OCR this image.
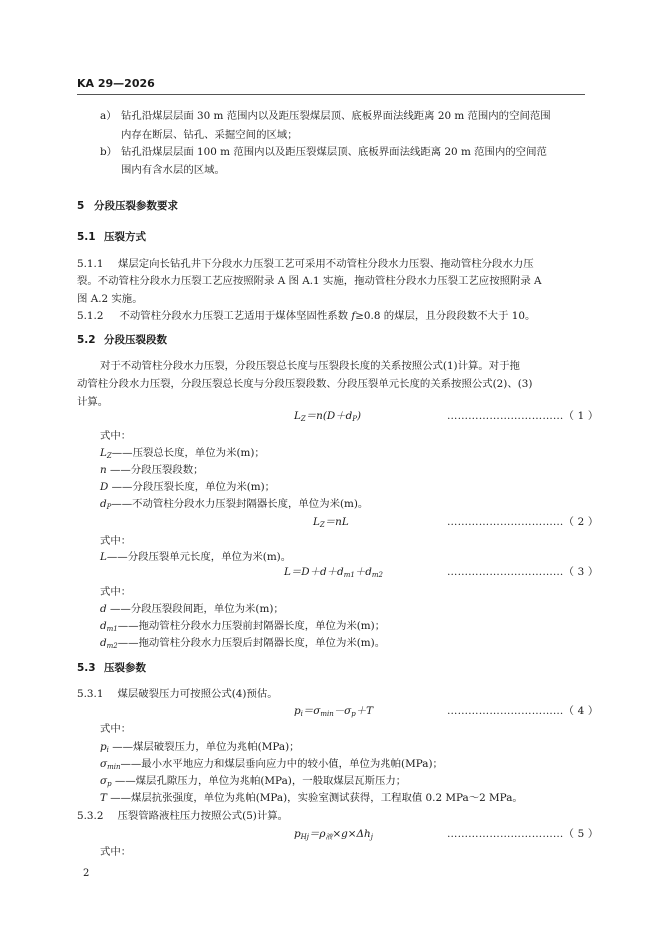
KA 29—2026
a） 钻孔沿煤层层面 30 m 范围内以及距压裂煤层顶、底板界面法线距离 20 m 范围内的空间范围
内存在断层、钻孔、采掘空间的区域；
b） 钻孔沿煤层层面 100 m 范围内以及距压裂煤层顶、底板界面法线距离 20 m 范围内的空间范
围内有含水层的区域。
5 分段压裂参数要求
5.1 压裂方式
5.1.1 煤层定向长钻孔井下分段水力压裂工艺可采用不动管柱分段水力压裂、拖动管柱分段水力压
裂。不动管柱分段水力压裂工艺应按照附录 A 图 A.1 实施，拖动管柱分段水力压裂工艺应按照附录 A
图 A.2 实施。
5.1.2 不动管柱分段水力压裂工艺适用于煤体坚固性系数 f≥0.8 的煤层，且分段段数不大于 10。
5.2 分段压裂段数
对于不动管柱分段水力压裂，分段压裂总长度与压裂段长度的关系按照公式(1)计算。对于拖
动管柱分段水力压裂，分段压裂总长度与分段压裂段数、分段压裂单元长度的关系按照公式(2)、(3)
计算。
$L_Z=n(D+d_P)$	……………………………（ 1 ）
式中：
$L_Z——$压裂总长度，单位为米(m)；
n ——分段压裂段数；
D ——分段压裂长度，单位为米(m)；
$d_P——$不动管柱分段水力压裂封隔器长度，单位为米(m)。
$L_Z=nL$	……………………………（ 2 ）
式中：
L——分段压裂单元长度，单位为米(m)。
$L=D+d+d_{m1}+d_{m2}$	……………………………（ 3 ）
式中：
d ——分段压裂段间距，单位为米(m)；
$d_{m1}——$拖动管柱分段水力压裂前封隔器长度，单位为米(m)；
$d_{m2}——$拖动管柱分段水力压裂后封隔器长度，单位为米(m)。
5.3 压裂参数
5.3.1 煤层破裂压力可按照公式(4)预估。
$p_i=\sigma_{min}-\sigma_p+T$	……………………………（ 4 ）
式中：
$p_i$ ——煤层破裂压力，单位为兆帕(MPa)；
$\sigma_{min}——$最小水平地应力和煤层垂向应力中的较小值，单位为兆帕(MPa)；
$\sigma_p$ ——煤层孔隙压力，单位为兆帕(MPa)，一般取煤层瓦斯压力；
T ——煤层抗张强度，单位为兆帕(MPa)，实验室测试获得，工程取值 0.2 MPa～2 MPa。
5.3.2 压裂管路液柱压力按照公式(5)计算。
$p_{Hj}=\rho_液\times g\times\Delta h_j$	……………………………（ 5 ）
式中：
2
